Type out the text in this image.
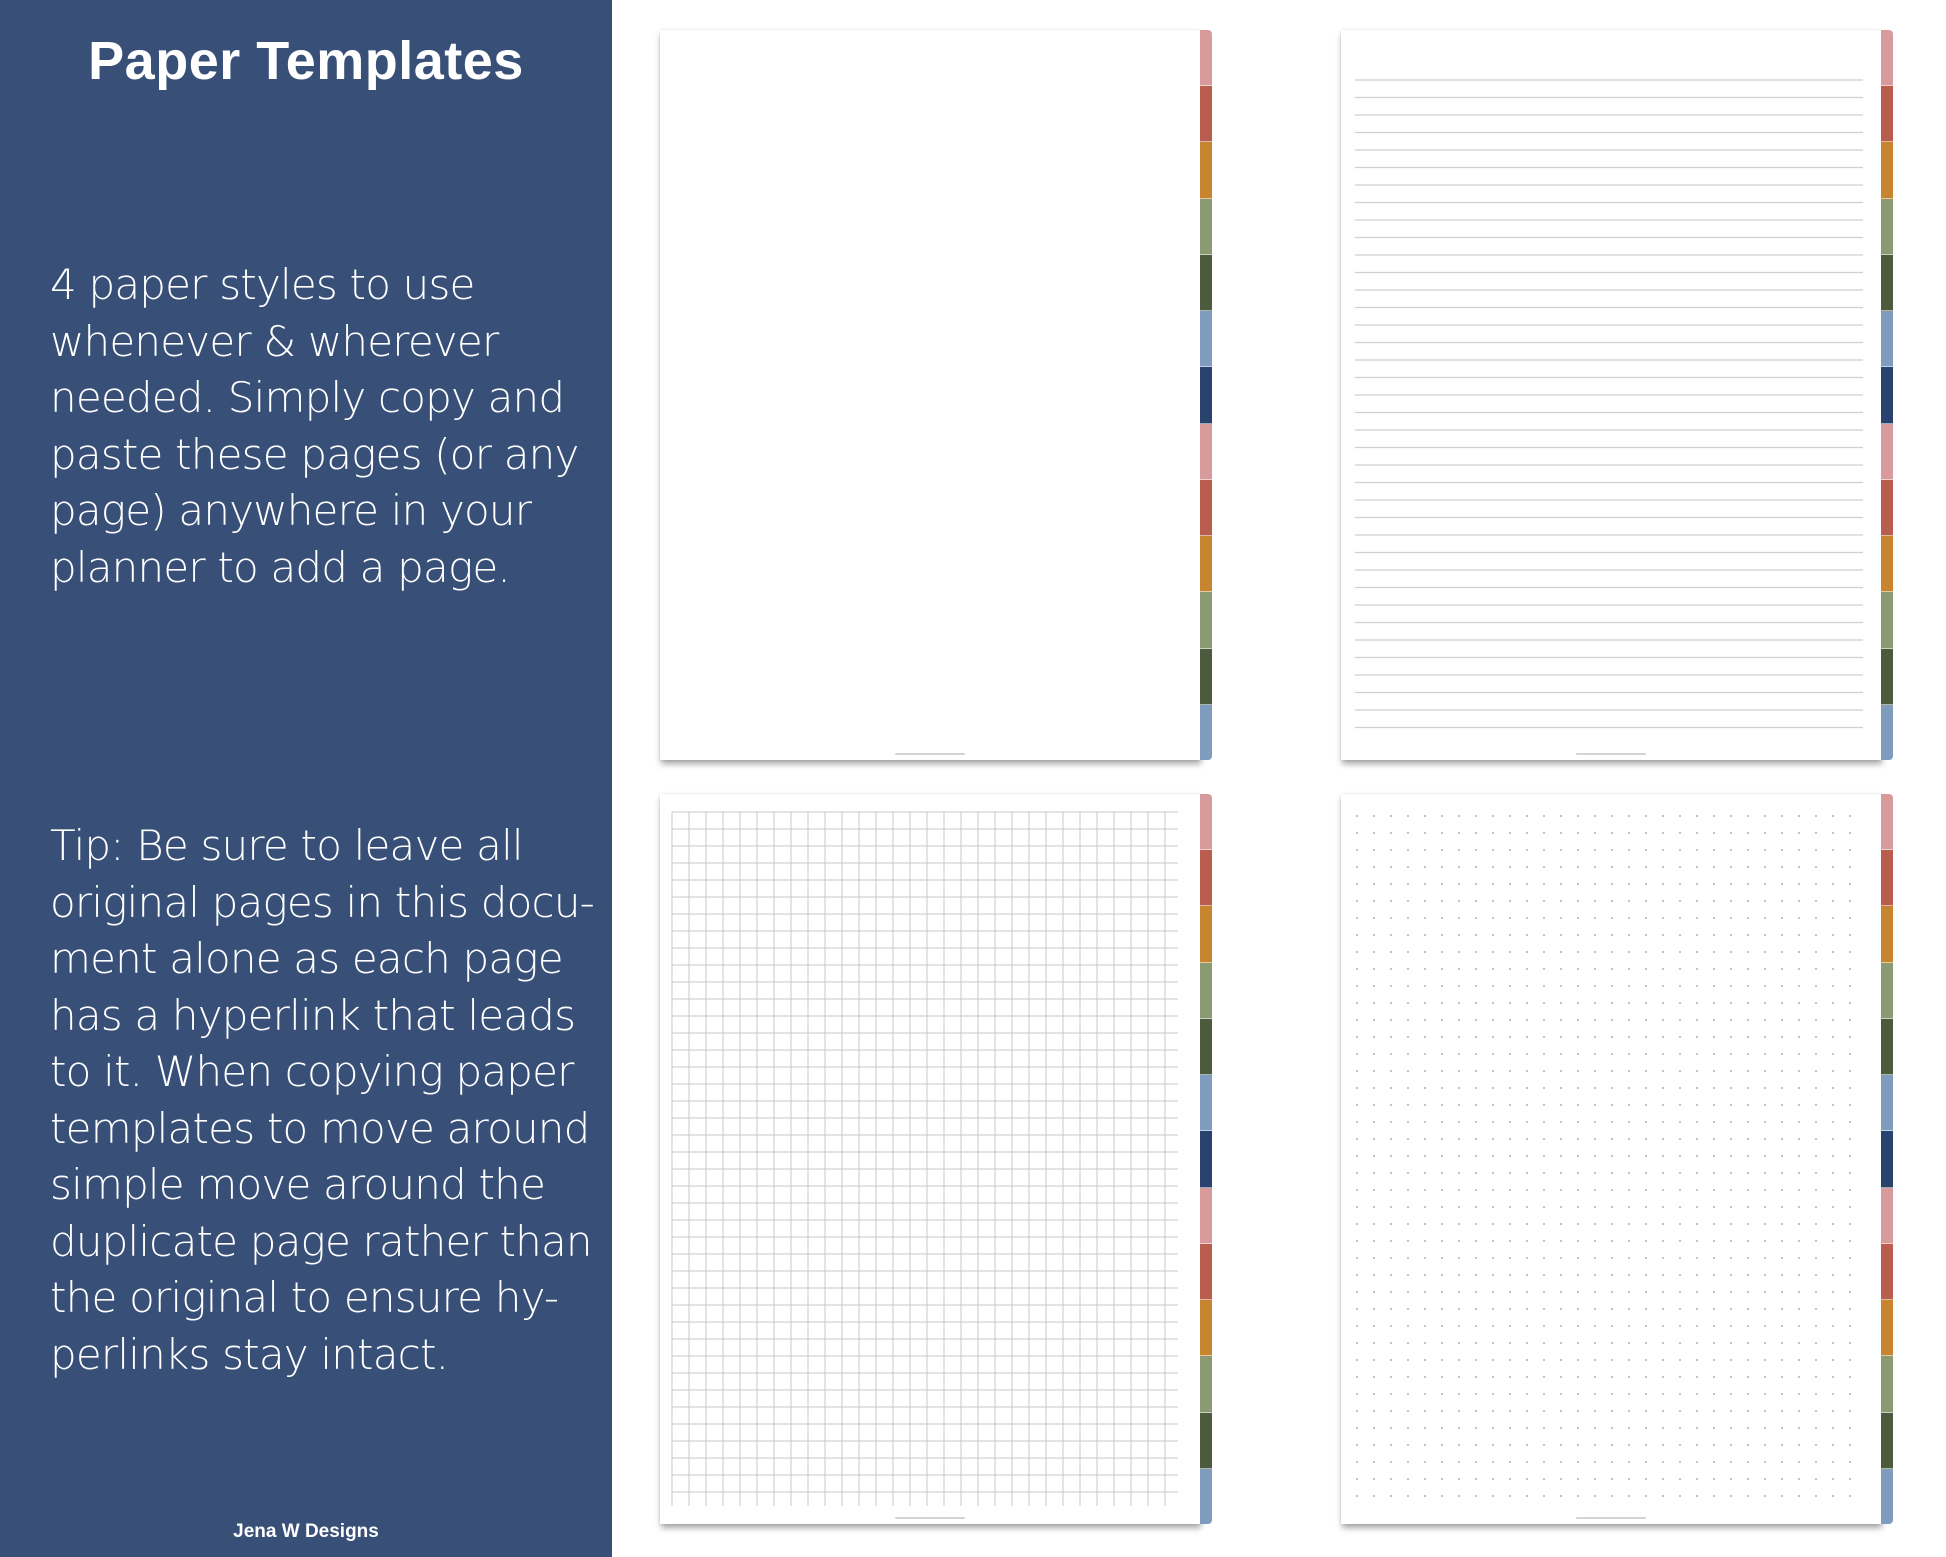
Paper Templates
4 paper styles to use
whenever & wherever
needed. Simply copy and
paste these pages (or any
page) anywhere in your
planner to add a page.
Tip: Be sure to leave all
original pages in this docu-
ment alone as each page
has a hyperlink that leads
to it. When copying paper
templates to move around
simple move around the
duplicate page rather than
the original to ensure hy-
perlinks stay intact.
Jena W Designs
